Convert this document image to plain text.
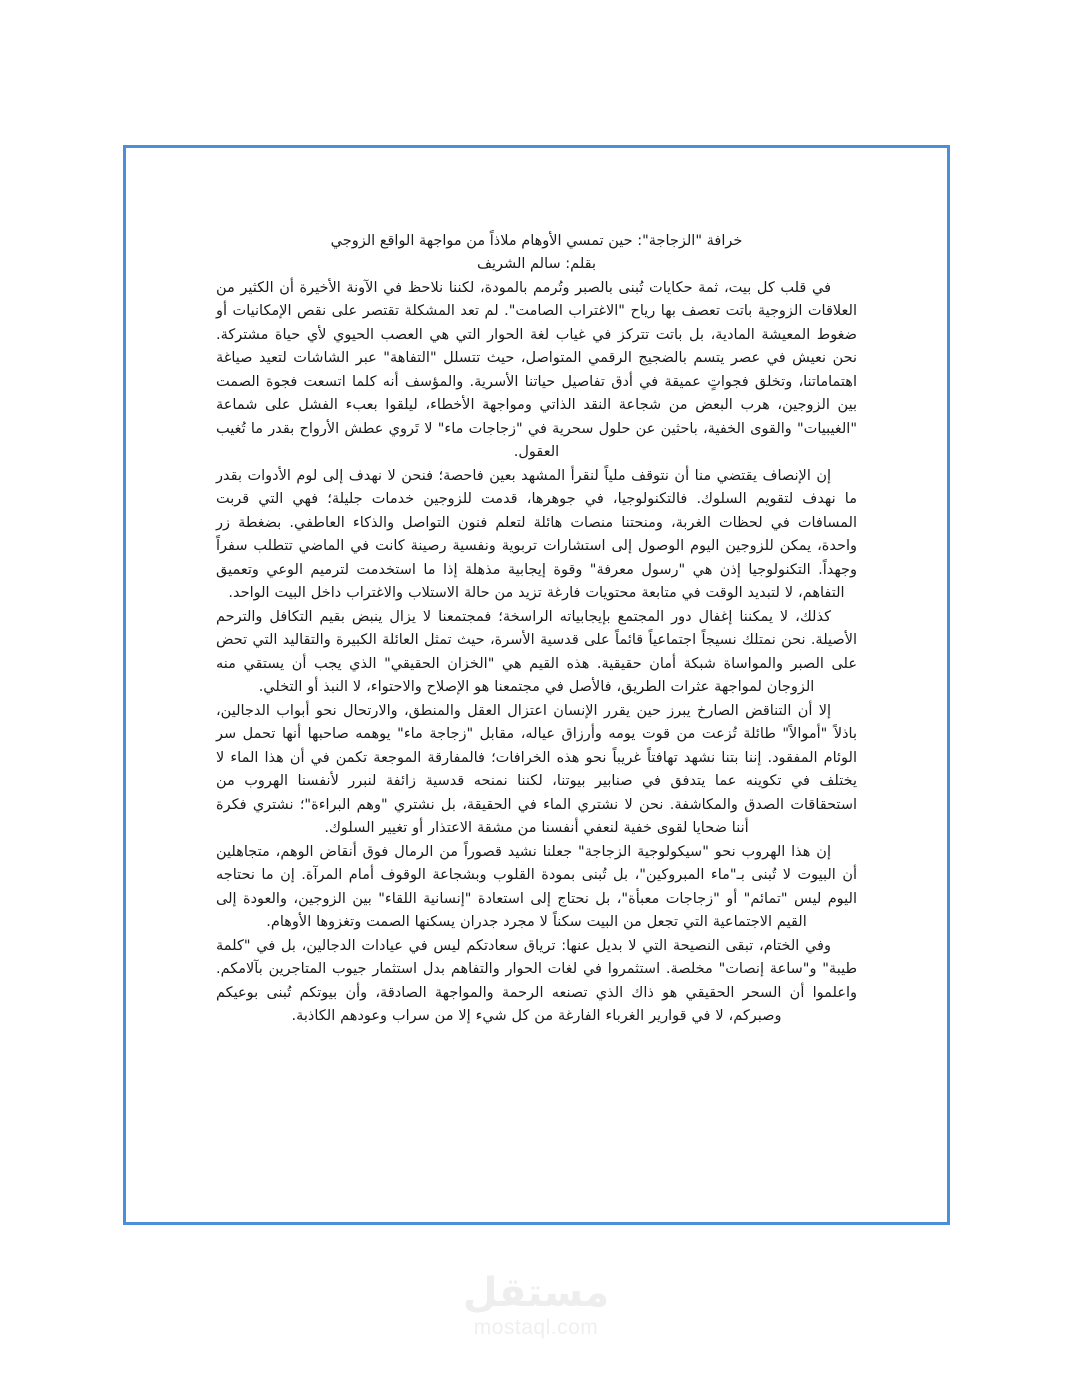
خرافة "الزجاجة": حين تمسي الأوهام ملاذاً من مواجهة الواقع الزوجي

بقلم: سالم الشريف

في قلب كل بيت، ثمة حكايات تُبنى بالصبر وتُرمم بالمودة، لكننا نلاحظ في الآونة الأخيرة أن الكثير من العلاقات الزوجية باتت تعصف بها رياح "الاغتراب الصامت". لم تعد المشكلة تقتصر على نقص الإمكانيات أو ضغوط المعيشة المادية، بل باتت تتركز في غياب لغة الحوار التي هي العصب الحيوي لأي حياة مشتركة. نحن نعيش في عصر يتسم بالضجيج الرقمي المتواصل، حيث تتسلل "التفاهة" عبر الشاشات لتعيد صياغة اهتماماتنا، وتخلق فجواتٍ عميقة في أدق تفاصيل حياتنا الأسرية. والمؤسف أنه كلما اتسعت فجوة الصمت بين الزوجين، هرب البعض من شجاعة النقد الذاتي ومواجهة الأخطاء، ليلقوا بعبء الفشل على شماعة "الغيبيات" والقوى الخفية، باحثين عن حلول سحرية في "زجاجات ماء" لا تَروي عطش الأرواح بقدر ما تُغيب العقول.

إن الإنصاف يقتضي منا أن نتوقف ملياً لنقرأ المشهد بعين فاحصة؛ فنحن لا نهدف إلى لوم الأدوات بقدر ما نهدف لتقويم السلوك. فالتكنولوجيا، في جوهرها، قدمت للزوجين خدمات جليلة؛ فهي التي قربت المسافات في لحظات الغربة، ومنحتنا منصات هائلة لتعلم فنون التواصل والذكاء العاطفي. بضغطة زر واحدة، يمكن للزوجين اليوم الوصول إلى استشارات تربوية ونفسية رصينة كانت في الماضي تتطلب سفراً وجهداً. التكنولوجيا إذن هي "رسول معرفة" وقوة إيجابية مذهلة إذا ما استخدمت لترميم الوعي وتعميق التفاهم، لا لتبديد الوقت في متابعة محتويات فارغة تزيد من حالة الاستلاب والاغتراب داخل البيت الواحد.

كذلك، لا يمكننا إغفال دور المجتمع بإيجابياته الراسخة؛ فمجتمعنا لا يزال ينبض بقيم التكافل والترحم الأصيلة. نحن نمتلك نسيجاً اجتماعياً قائماً على قدسية الأسرة، حيث تمثل العائلة الكبيرة والتقاليد التي تحض على الصبر والمواساة شبكة أمان حقيقية. هذه القيم هي "الخزان الحقيقي" الذي يجب أن يستقي منه الزوجان لمواجهة عثرات الطريق، فالأصل في مجتمعنا هو الإصلاح والاحتواء، لا النبذ أو التخلي.

إلا أن التناقض الصارخ يبرز حين يقرر الإنسان اعتزال العقل والمنطق، والارتحال نحو أبواب الدجالين، باذلاً "أموالاً" طائلة تُزعت من قوت يومه وأرزاق عياله، مقابل "زجاجة ماء" يوهمه صاحبها أنها تحمل سر الوئام المفقود. إننا بتنا نشهد تهافتاً غريباً نحو هذه الخرافات؛ فالمفارقة الموجعة تكمن في أن هذا الماء لا يختلف في تكوينه عما يتدفق في صنابير بيوتنا، لكننا نمنحه قدسية زائفة لنبرر لأنفسنا الهروب من استحقاقات الصدق والمكاشفة. نحن لا نشتري الماء في الحقيقة، بل نشتري "وهم البراءة"؛ نشتري فكرة أننا ضحايا لقوى خفية لنعفي أنفسنا من مشقة الاعتذار أو تغيير السلوك.

إن هذا الهروب نحو "سيكولوجية الزجاجة" جعلنا نشيد قصوراً من الرمال فوق أنقاض الوهم، متجاهلين أن البيوت لا تُبنى بـ"ماء المبروكين"، بل تُبنى بمودة القلوب وبشجاعة الوقوف أمام المرآة. إن ما نحتاجه اليوم ليس "تمائم" أو "زجاجات معبأة"، بل نحتاج إلى استعادة "إنسانية اللقاء" بين الزوجين، والعودة إلى القيم الاجتماعية التي تجعل من البيت سكناً لا مجرد جدران يسكنها الصمت وتغزوها الأوهام.

وفي الختام، تبقى النصيحة التي لا بديل عنها: ترياق سعادتكم ليس في عيادات الدجالين، بل في "كلمة طيبة" و"ساعة إنصات" مخلصة. استثمروا في لغات الحوار والتفاهم بدل استثمار جيوب المتاجرين بآلامكم. واعلموا أن السحر الحقيقي هو ذاك الذي تصنعه الرحمة والمواجهة الصادقة، وأن بيوتكم تُبنى بوعيكم وصبركم، لا في قوارير الغرباء الفارغة من كل شيء إلا من سراب وعودهم الكاذبة.

مستقل
mostaql.com
